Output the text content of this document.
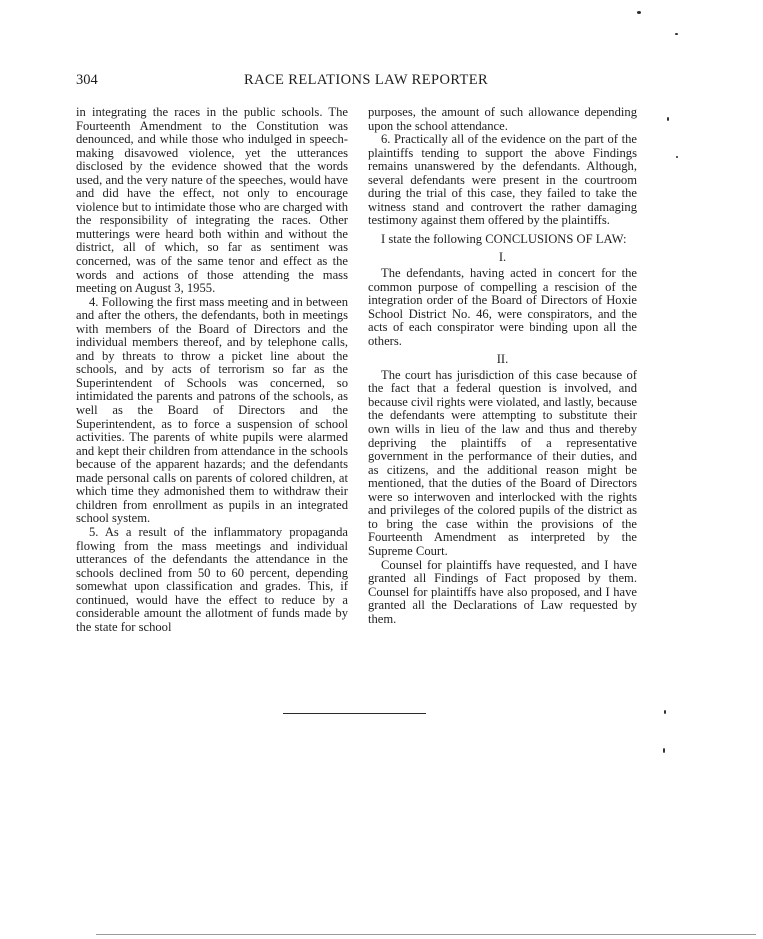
304	RACE RELATIONS LAW REPORTER

in integrating the races in the public schools. The Fourteenth Amendment to the Constitution was denounced, and while those who indulged in speech-making disavowed violence, yet the utterances disclosed by the evidence showed that the words used, and the very nature of the speeches, would have and did have the effect, not only to encourage violence but to intimidate those who are charged with the responsibility of integrating the races. Other mutterings were heard both within and without the district, all of which, so far as sentiment was concerned, was of the same tenor and effect as the words and actions of those attending the mass meeting on August 3, 1955.

4. Following the first mass meeting and in between and after the others, the defendants, both in meetings with members of the Board of Directors and the individual members thereof, and by telephone calls, and by threats to throw a picket line about the schools, and by acts of terrorism so far as the Superintendent of Schools was concerned, so intimidated the parents and patrons of the schools, as well as the Board of Directors and the Superintendent, as to force a suspension of school activities. The parents of white pupils were alarmed and kept their children from attendance in the schools because of the apparent hazards; and the defendants made personal calls on parents of colored children, at which time they admonished them to withdraw their children from enrollment as pupils in an integrated school system.

5. As a result of the inflammatory propaganda flowing from the mass meetings and individual utterances of the defendants the attendance in the schools declined from 50 to 60 percent, depending somewhat upon classification and grades. This, if continued, would have the effect to reduce by a considerable amount the allotment of funds made by the state for school

purposes, the amount of such allowance depending upon the school attendance.

6. Practically all of the evidence on the part of the plaintiffs tending to support the above Findings remains unanswered by the defendants. Although, several defendants were present in the courtroom during the trial of this case, they failed to take the witness stand and controvert the rather damaging testimony against them offered by the plaintiffs.

I state the following CONCLUSIONS OF LAW:

I.

The defendants, having acted in concert for the common purpose of compelling a rescision of the integration order of the Board of Directors of Hoxie School District No. 46, were conspirators, and the acts of each conspirator were binding upon all the others.

II.

The court has jurisdiction of this case because of the fact that a federal question is involved, and because civil rights were violated, and lastly, because the defendants were attempting to substitute their own wills in lieu of the law and thus and thereby depriving the plaintiffs of a representative government in the performance of their duties, and as citizens, and the additional reason might be mentioned, that the duties of the Board of Directors were so interwoven and interlocked with the rights and privileges of the colored pupils of the district as to bring the case within the provisions of the Fourteenth Amendment as interpreted by the Supreme Court.

Counsel for plaintiffs have requested, and I have granted all Findings of Fact proposed by them. Counsel for plaintiffs have also proposed, and I have granted all the Declarations of Law requested by them.
